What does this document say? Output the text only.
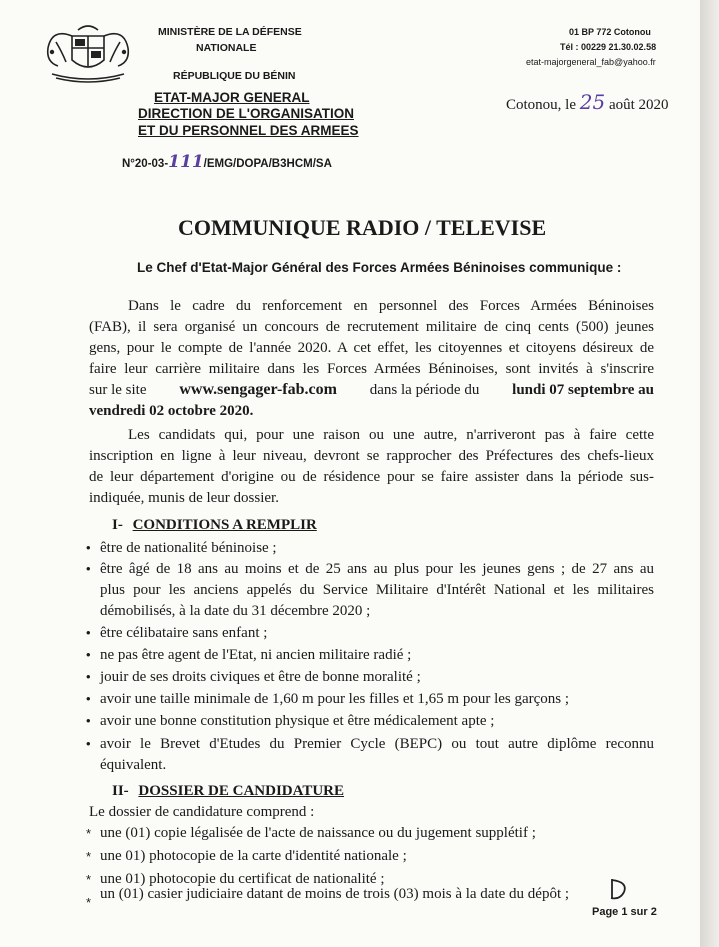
MINISTÈRE DE LA DÉFENSE
NATIONALE
RÉPUBLIQUE DU BÉNIN
ETAT-MAJOR GENERAL
DIRECTION DE L'ORGANISATION
ET DU PERSONNEL DES ARMEES
N°20-03-111/EMG/DOPA/B3HCM/SA
01 BP 772 Cotonou
Tél : 00229 21.30.02.58
etat-majorgeneral_fab@yahoo.fr
Cotonou, le 25 août 2020
COMMUNIQUE RADIO / TELEVISE
Le Chef d'Etat-Major Général des Forces Armées Béninoises communique :
Dans le cadre du renforcement en personnel des Forces Armées Béninoises
(FAB), il sera organisé un concours de recrutement militaire de cinq cents (500) jeunes
gens, pour le compte de l'année 2020. A cet effet, les citoyennes et citoyens désireux de
faire leur carrière militaire dans les Forces Armées Béninoises, sont invités à s'inscrire
sur le site www.sengager-fab.com dans la période du lundi 07 septembre au
vendredi 02 octobre 2020.
Les candidats qui, pour une raison ou une autre, n'arriveront pas à faire cette
inscription en ligne à leur niveau, devront se rapprocher des Préfectures des chefs-lieux
de leur département d'origine ou de résidence pour se faire assister dans la période sus-
indiquée, munis de leur dossier.
I- CONDITIONS A REMPLIR
• être de nationalité béninoise ;
• être âgé de 18 ans au moins et de 25 ans au plus pour les jeunes gens ; de 27 ans au
plus pour les anciens appelés du Service Militaire d'Intérêt National et les militaires
démobilisés, à la date du 31 décembre 2020 ;
• être célibataire sans enfant ;
• ne pas être agent de l'Etat, ni ancien militaire radié ;
• jouir de ses droits civiques et être de bonne moralité ;
• avoir une taille minimale de 1,60 m pour les filles et 1,65 m pour les garçons ;
• avoir une bonne constitution physique et être médicalement apte ;
• avoir le Brevet d'Etudes du Premier Cycle (BEPC) ou tout autre diplôme reconnu
équivalent.
II- DOSSIER DE CANDIDATURE
Le dossier de candidature comprend :
* une (01) copie légalisée de l'acte de naissance ou du jugement supplétif ;
* une 01) photocopie de la carte d'identité nationale ;
* une 01) photocopie du certificat de nationalité ;
*
un (01) casier judiciaire datant de moins de trois (03) mois à la date du dépôt ;
Page 1 sur 2
